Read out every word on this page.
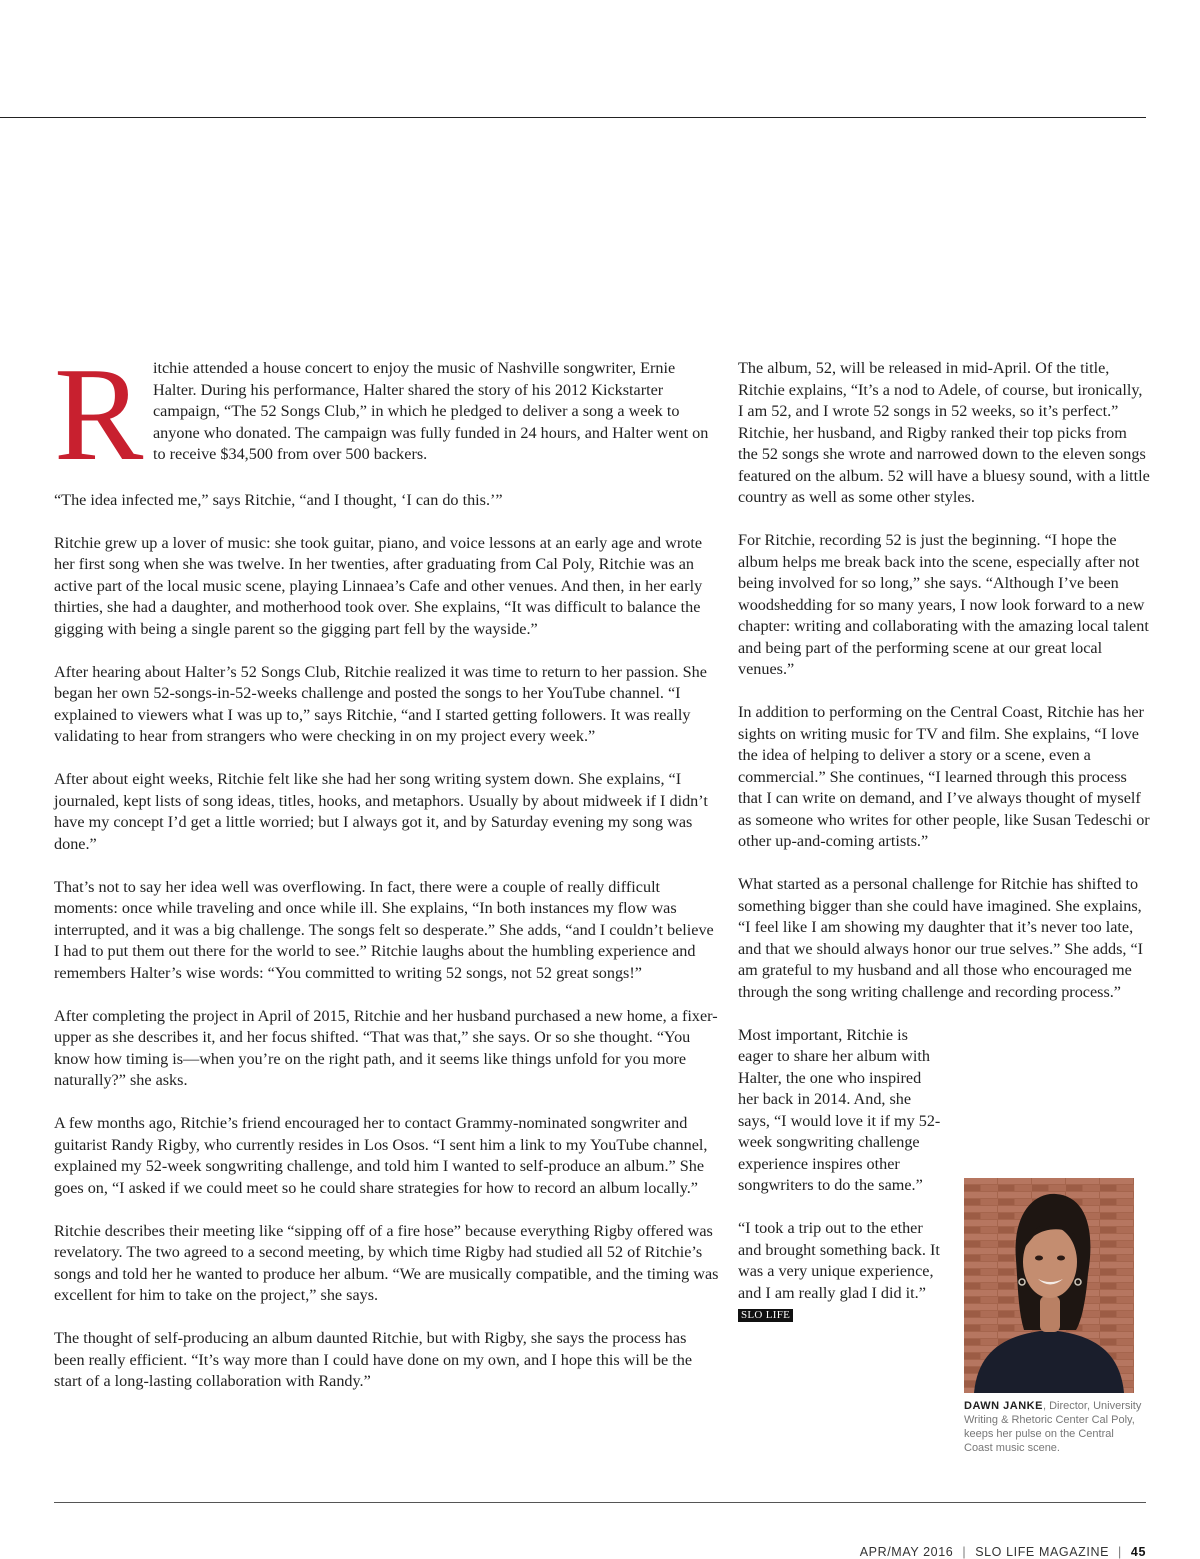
R itchie attended a house concert to enjoy the music of Nashville songwriter, Ernie Halter. During his performance, Halter shared the story of his 2012 Kickstarter campaign, “The 52 Songs Club,” in which he pledged to deliver a song a week to anyone who donated. The campaign was fully funded in 24 hours, and Halter went on to receive $34,500 from over 500 backers.

“The idea infected me,” says Ritchie, “and I thought, ‘I can do this.’”

Ritchie grew up a lover of music: she took guitar, piano, and voice lessons at an early age and wrote her first song when she was twelve. In her twenties, after graduating from Cal Poly, Ritchie was an active part of the local music scene, playing Linnaea’s Cafe and other venues. And then, in her early thirties, she had a daughter, and motherhood took over. She explains, “It was difficult to balance the gigging with being a single parent so the gigging part fell by the wayside.”

After hearing about Halter’s 52 Songs Club, Ritchie realized it was time to return to her passion. She began her own 52-songs-in-52-weeks challenge and posted the songs to her YouTube channel. “I explained to viewers what I was up to,” says Ritchie, “and I started getting followers. It was really validating to hear from strangers who were checking in on my project every week.”

After about eight weeks, Ritchie felt like she had her song writing system down. She explains, “I journaled, kept lists of song ideas, titles, hooks, and metaphors. Usually by about midweek if I didn’t have my concept I’d get a little worried; but I always got it, and by Saturday evening my song was done.”

That’s not to say her idea well was overflowing. In fact, there were a couple of really difficult moments: once while traveling and once while ill. She explains, “In both instances my flow was interrupted, and it was a big challenge. The songs felt so desperate.” She adds, “and I couldn’t believe I had to put them out there for the world to see.” Ritchie laughs about the humbling experience and remembers Halter’s wise words: “You committed to writing 52 songs, not 52 great songs!”

After completing the project in April of 2015, Ritchie and her husband purchased a new home, a fixer-upper as she describes it, and her focus shifted. “That was that,” she says. Or so she thought. “You know how timing is—when you’re on the right path, and it seems like things unfold for you more naturally?” she asks.

A few months ago, Ritchie’s friend encouraged her to contact Grammy-nominated songwriter and guitarist Randy Rigby, who currently resides in Los Osos. “I sent him a link to my YouTube channel, explained my 52-week songwriting challenge, and told him I wanted to self-produce an album.” She goes on, “I asked if we could meet so he could share strategies for how to record an album locally.”

Ritchie describes their meeting like “sipping off of a fire hose” because everything Rigby offered was revelatory. The two agreed to a second meeting, by which time Rigby had studied all 52 of Ritchie’s songs and told her he wanted to produce her album. “We are musically compatible, and the timing was excellent for him to take on the project,” she says.

The thought of self-producing an album daunted Ritchie, but with Rigby, she says the process has been really efficient. “It’s way more than I could have done on my own, and I hope this will be the start of a long-lasting collaboration with Randy.”

The album, 52, will be released in mid-April. Of the title, Ritchie explains, “It’s a nod to Adele, of course, but ironically, I am 52, and I wrote 52 songs in 52 weeks, so it’s perfect.” Ritchie, her husband, and Rigby ranked their top picks from the 52 songs she wrote and narrowed down to the eleven songs featured on the album. 52 will have a bluesy sound, with a little country as well as some other styles.

For Ritchie, recording 52 is just the beginning. “I hope the album helps me break back into the scene, especially after not being involved for so long,” she says. “Although I’ve been woodshedding for so many years, I now look forward to a new chapter: writing and collaborating with the amazing local talent and being part of the performing scene at our great local venues.”

In addition to performing on the Central Coast, Ritchie has her sights on writing music for TV and film. She explains, “I love the idea of helping to deliver a story or a scene, even a commercial.” She continues, “I learned through this process that I can write on demand, and I’ve always thought of myself as someone who writes for other people, like Susan Tedeschi or other up-and-coming artists.”

What started as a personal challenge for Ritchie has shifted to something bigger than she could have imagined. She explains, “I feel like I am showing my daughter that it’s never too late, and that we should always honor our true selves.” She adds, “I am grateful to my husband and all those who encouraged me through the song writing challenge and recording process.”

Most important, Ritchie is eager to share her album with Halter, the one who inspired her back in 2014. And, she says, “I would love it if my 52-week songwriting challenge experience inspires other songwriters to do the same.”

“I took a trip out to the ether and brought something back. It was a very unique experience, and I am really glad I did it.” SLO LIFE

DAWN JANKE, Director, University Writing & Rhetoric Center Cal Poly, keeps her pulse on the Central Coast music scene.
APR/MAY 2016 | SLO LIFE MAGAZINE | 45
